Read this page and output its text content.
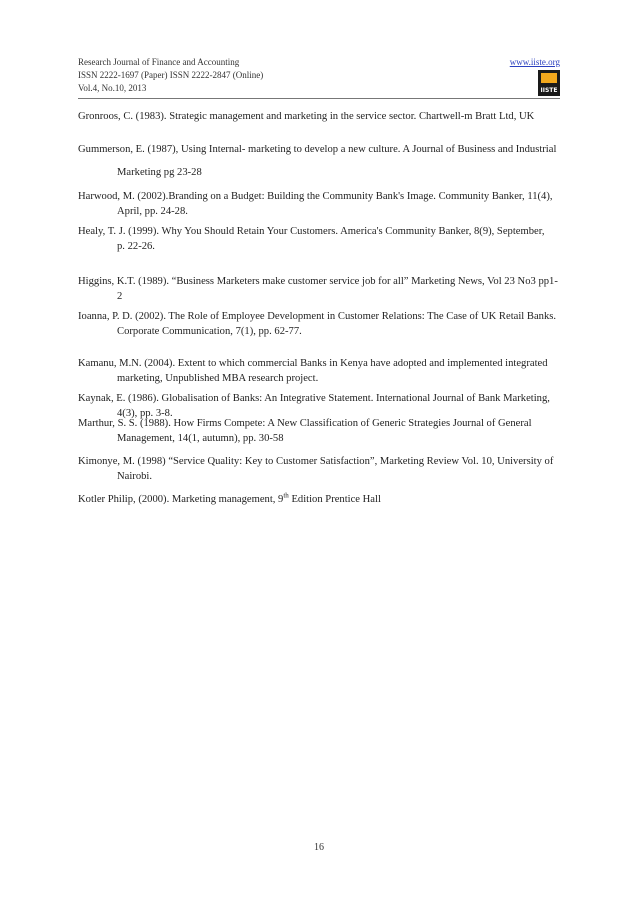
Research Journal of Finance and Accounting
ISSN 2222-1697 (Paper) ISSN 2222-2847 (Online)
Vol.4, No.10, 2013
www.iiste.org
IISTE
Gronroos, C. (1983). Strategic management and marketing in the service sector. Chartwell-m Bratt Ltd, UK
Gummerson, E. (1987), Using Internal- marketing to develop a new culture. A Journal of Business and Industrial
Marketing pg 23-28
Harwood, M. (2002).Branding on a Budget: Building the Community Bank's Image. Community Banker, 11(4),
April, pp. 24-28.
Healy, T. J. (1999). Why You Should Retain Your Customers. America's Community Banker, 8(9), September,
p. 22-26.
Higgins, K.T. (1989). “Business Marketers make customer service job for all” Marketing News, Vol 23 No3 pp1-
2
Ioanna, P. D. (2002). The Role of Employee Development in Customer Relations: The Case of UK Retail Banks.
Corporate Communication, 7(1), pp. 62-77.
Kamanu, M.N. (2004). Extent to which commercial Banks in Kenya have adopted and implemented integrated
marketing, Unpublished MBA research project.
Kaynak, E. (1986). Globalisation of Banks: An Integrative Statement. International Journal of Bank Marketing,
4(3), pp. 3-8.
Marthur, S. S. (1988). How Firms Compete: A New Classification of Generic Strategies Journal of General
Management, 14(1, autumn), pp. 30-58
Kimonye, M. (1998) “Service Quality: Key to Customer Satisfaction”, Marketing Review Vol. 10, University of
Nairobi.
Kotler Philip, (2000). Marketing management, 9th Edition Prentice Hall
16
